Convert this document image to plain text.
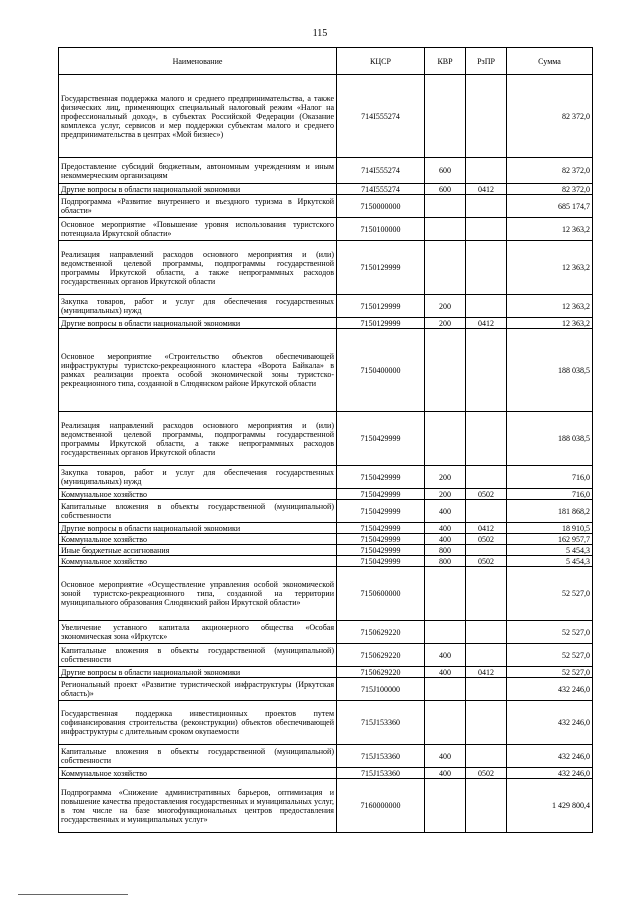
115
Наименование	КЦСР	КВР	РзПР	Сумма
Государственная поддержка малого и среднего предпринимательства, а также физических лиц, применяющих специальный налоговый режим «Налог на профессиональный доход», в субъектах Российской Федерации (Оказание комплекса услуг, сервисов и мер поддержки субъектам малого и среднего предпринимательства в центрах «Мой бизнес»)	714I555274			82 372,0
Предоставление субсидий бюджетным, автономным учреждениям и иным некоммерческим организациям	714I555274	600		82 372,0
Другие вопросы в области национальной экономики	714I555274	600	0412	82 372,0
Подпрограмма «Развитие внутреннего и въездного туризма в Иркутской области»	7150000000			685 174,7
Основное мероприятие «Повышение уровня использования туристского потенциала Иркутской области»	7150100000			12 363,2
Реализация направлений расходов основного мероприятия и (или) ведомственной целевой программы, подпрограммы государственной программы Иркутской области, а также непрограммных расходов государственных органов Иркутской области	7150129999			12 363,2
Закупка товаров, работ и услуг для обеспечения государственных (муниципальных) нужд	7150129999	200		12 363,2
Другие вопросы в области национальной экономики	7150129999	200	0412	12 363,2
Основное мероприятие «Строительство объектов обеспечивающей инфраструктуры туристско-рекреационного кластера «Ворота Байкала» в рамках реализации проекта особой экономической зоны туристско-рекреационного типа, созданной в Слюдянском районе Иркутской области	7150400000			188 038,5
Реализация направлений расходов основного мероприятия и (или) ведомственной целевой программы, подпрограммы государственной программы Иркутской области, а также непрограммных расходов государственных органов Иркутской области	7150429999			188 038,5
Закупка товаров, работ и услуг для обеспечения государственных (муниципальных) нужд	7150429999	200		716,0
Коммунальное хозяйство	7150429999	200	0502	716,0
Капитальные вложения в объекты государственной (муниципальной) собственности	7150429999	400		181 868,2
Другие вопросы в области национальной экономики	7150429999	400	0412	18 910,5
Коммунальное хозяйство	7150429999	400	0502	162 957,7
Иные бюджетные ассигнования	7150429999	800		5 454,3
Коммунальное хозяйство	7150429999	800	0502	5 454,3
Основное мероприятие «Осуществление управления особой экономической зоной туристско-рекреационного типа, созданной на территории муниципального образования Слюдянский район Иркутской области»	7150600000			52 527,0
Увеличение уставного капитала акционерного общества «Особая экономическая зона «Иркутск»	7150629220			52 527,0
Капитальные вложения в объекты государственной (муниципальной) собственности	7150629220	400		52 527,0
Другие вопросы в области национальной экономики	7150629220	400	0412	52 527,0
Региональный проект «Развитие туристической инфраструктуры (Иркутская область)»	715J100000			432 246,0
Государственная поддержка инвестиционных проектов путем софинансирования строительства (реконструкции) объектов обеспечивающей инфраструктуры с длительным сроком окупаемости	715J153360			432 246,0
Капитальные вложения в объекты государственной (муниципальной) собственности	715J153360	400		432 246,0
Коммунальное хозяйство	715J153360	400	0502	432 246,0
Подпрограмма «Снижение административных барьеров, оптимизация и повышение качества предоставления государственных и муниципальных услуг, в том числе на базе многофункциональных центров предоставления государственных и муниципальных услуг»	7160000000			1 429 800,4
